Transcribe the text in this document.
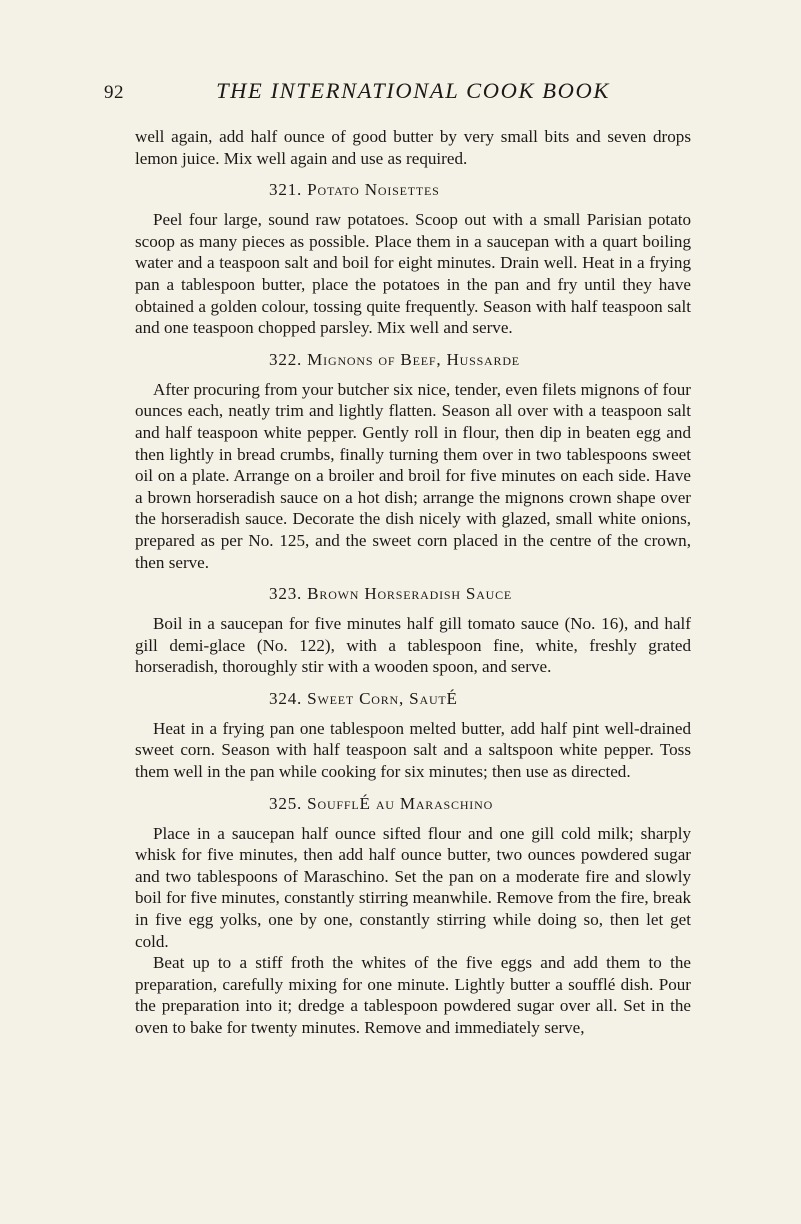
92	THE INTERNATIONAL COOK BOOK

well again, add half ounce of good butter by very small bits and seven drops lemon juice. Mix well again and use as required.

321. Potato Noisettes

Peel four large, sound raw potatoes. Scoop out with a small Parisian potato scoop as many pieces as possible. Place them in a saucepan with a quart boiling water and a teaspoon salt and boil for eight minutes. Drain well. Heat in a frying pan a tablespoon butter, place the potatoes in the pan and fry until they have obtained a golden colour, tossing quite frequently. Season with half teaspoon salt and one teaspoon chopped parsley. Mix well and serve.

322. Mignons of Beef, Hussarde

After procuring from your butcher six nice, tender, even filets mignons of four ounces each, neatly trim and lightly flatten. Season all over with a teaspoon salt and half teaspoon white pepper. Gently roll in flour, then dip in beaten egg and then lightly in bread crumbs, finally turning them over in two tablespoons sweet oil on a plate. Arrange on a broiler and broil for five minutes on each side. Have a brown horseradish sauce on a hot dish; arrange the mignons crown shape over the horseradish sauce. Decorate the dish nicely with glazed, small white onions, prepared as per No. 125, and the sweet corn placed in the centre of the crown, then serve.

323. Brown Horseradish Sauce

Boil in a saucepan for five minutes half gill tomato sauce (No. 16), and half gill demi-glace (No. 122), with a tablespoon fine, white, freshly grated horseradish, thoroughly stir with a wooden spoon, and serve.

324. Sweet Corn, SautÉ

Heat in a frying pan one tablespoon melted butter, add half pint well-drained sweet corn. Season with half teaspoon salt and a saltspoon white pepper. Toss them well in the pan while cooking for six minutes; then use as directed.

325. SoufflÉ au Maraschino

Place in a saucepan half ounce sifted flour and one gill cold milk; sharply whisk for five minutes, then add half ounce butter, two ounces powdered sugar and two tablespoons of Maraschino. Set the pan on a moderate fire and slowly boil for five minutes, constantly stirring meanwhile. Remove from the fire, break in five egg yolks, one by one, constantly stirring while doing so, then let get cold.

Beat up to a stiff froth the whites of the five eggs and add them to the preparation, carefully mixing for one minute. Lightly butter a soufflé dish. Pour the preparation into it; dredge a tablespoon powdered sugar over all. Set in the oven to bake for twenty minutes. Remove and immediately serve,
